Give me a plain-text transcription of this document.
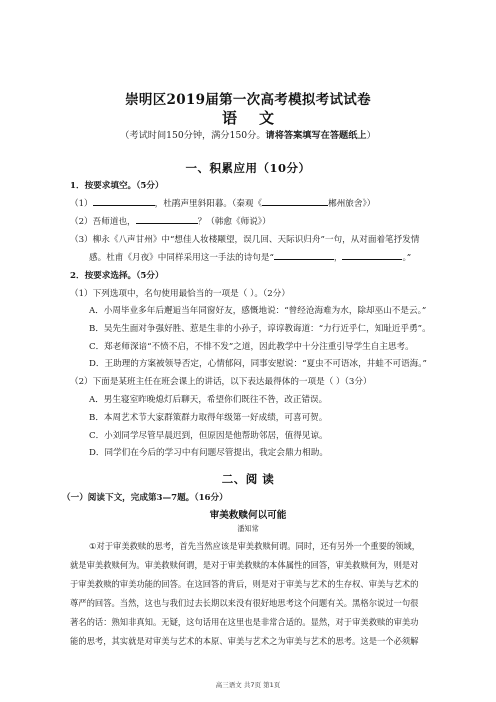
崇明区2019届第一次高考模拟考试试卷
语文
（考试时间150分钟，满分150分。请将答案填写在答题纸上）
一、积累应用（10分）
1．按要求填空。（5分）
（1）	，杜鹃声里斜阳暮。（秦观《	郴州旅舍》）
（2）吾师道也，	？（韩愈《师说》）
（3）柳永《八声甘州》中“想佳人妆楼颙望，误几回、天际识归舟”一句，从对面着笔抒发情
感。杜甫《月夜》中同样采用这一手法的诗句是“	，	。”
2．按要求选择。（5分）
（1）下列选项中，名句使用最恰当的一项是（ ）。（2分）
A．小周毕业多年后邂逅当年同窗好友，感慨地说：“曾经沧海难为水，除却巫山不是云。”
B．吴先生面对争强好胜、惹是生非的小孙子，谆谆教诲道：“力行近乎仁，知耻近乎勇”。
C．郑老师深谙“不愤不启，不悱不发”之道，因此教学中十分注重引导学生自主思考。
D．王助理的方案被领导否定，心情郁闷，同事安慰说：“夏虫不可语冰，井蛙不可语海。”
（2）下面是某班主任在班会课上的讲话，以下表达最得体的一项是（ ）（3分）
A．男生寝室昨晚熄灯后聊天，希望你们既往不咎，改正错误。
B．本周艺术节大家群策群力取得年级第一好成绩，可喜可贺。
C．小刘同学尽管早晨迟到，但原因是他帮助邻居，值得见谅。
D．同学们在今后的学习中有问题尽管提出，我定会鼎力相助。
二、阅 读
（一）阅读下文，完成第3—7题。（16分）
审美救赎何以可能
潘知常
①对于审美救赎的思考，首先当然应该是审美救赎何谓。同时，还有另外一个重要的领域，
就是审美救赎何为。审美救赎何谓，是对于审美救赎的本体属性的回答，审美救赎何为，则是对
于审美救赎的审美功能的回答。在这回答的背后，则是对于审美与艺术的生存权、审美与艺术的
尊严的回答。当然，这也与我们过去长期以来没有很好地思考这个问题有关。黑格尔说过一句很
著名的话：熟知非真知。无疑，这句话用在这里也是非常合适的。显然，对于审美救赎的审美功
能的思考，其实就是对审美与艺术的本原、审美与艺术之为审美与艺术的思考。这是一个必须解
高三语文 共7页 第1页
